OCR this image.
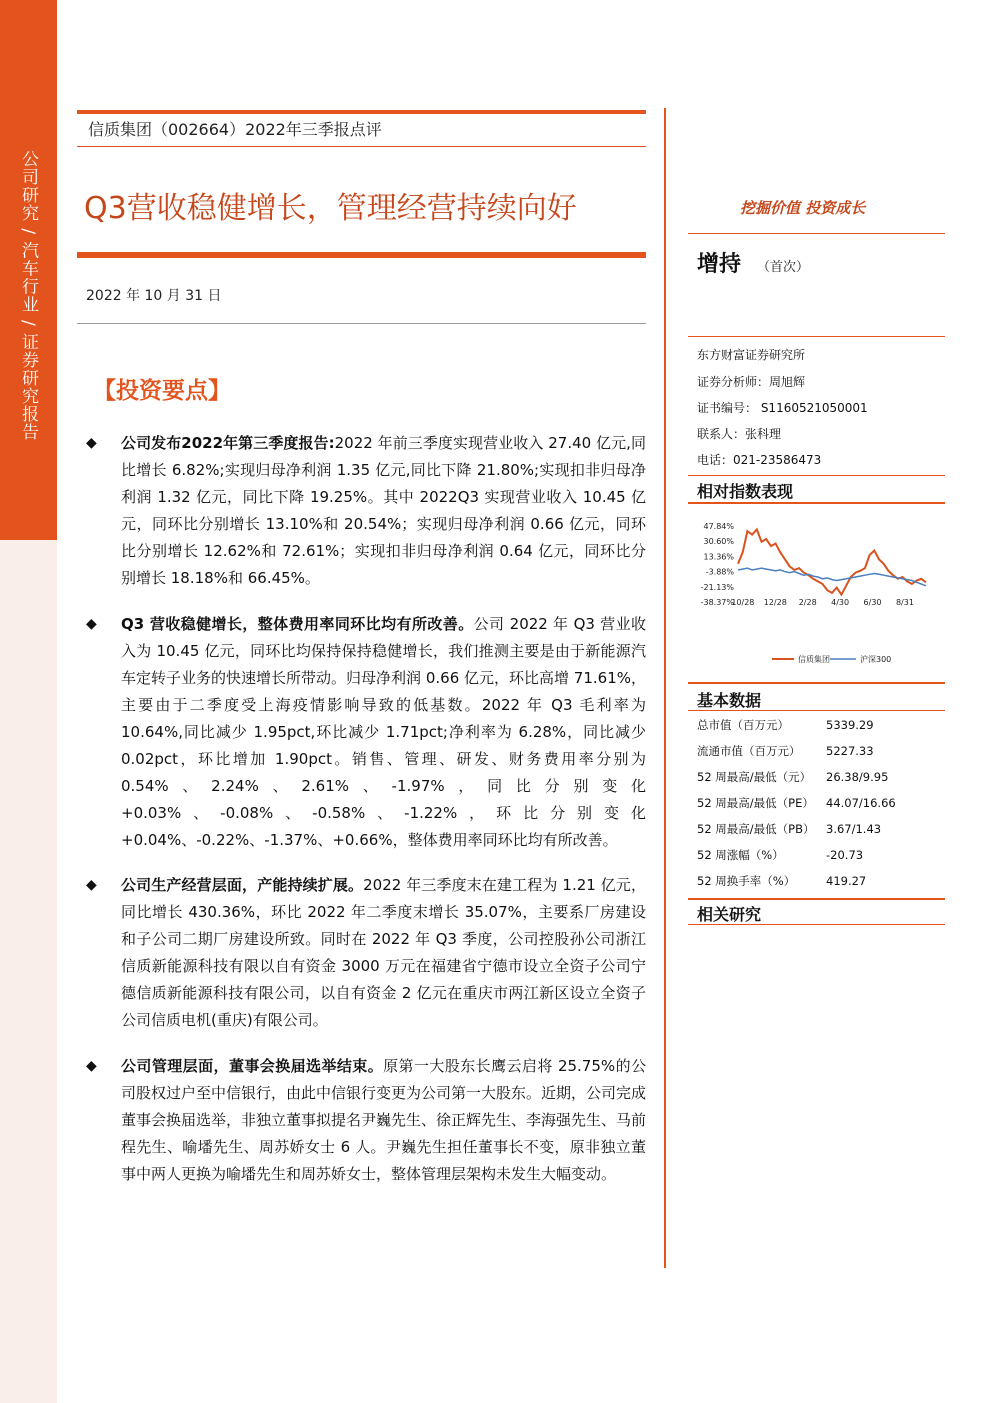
公司研究 / 汽车行业 / 证券研究报告
信质集团（002664）2022年三季报点评
Q3营收稳健增长，管理经营持续向好
2022 年 10 月 31 日
【投资要点】
◆ 公司发布2022年第三季度报告:2022 年前三季度实现营业收入 27.40 亿元,同比增长 6.82%;实现归母净利润 1.35 亿元,同比下降 21.80%;实现扣非归母净利润 1.32 亿元，同比下降 19.25%。其中 2022Q3 实现营业收入 10.45 亿元，同环比分别增长 13.10%和 20.54%；实现归母净利润 0.66 亿元，同环比分别增长 12.62%和 72.61%；实现扣非归母净利润 0.64 亿元，同环比分别增长 18.18%和 66.45%。
◆ Q3 营收稳健增长，整体费用率同环比均有所改善。公司 2022 年 Q3 营业收入为 10.45 亿元，同环比均保持保持稳健增长，我们推测主要是由于新能源汽车定转子业务的快速增长所带动。归母净利润 0.66 亿元，环比高增 71.61%，主要由于二季度受上海疫情影响导致的低基数。2022 年 Q3 毛利率为 10.64%,同比减少 1.95pct,环比减少 1.71pct;净利率为 6.28%，同比减少 0.02pct，环比增加 1.90pct。销售、管理、研发、财务费用率分别为 0.54%、2.24%、2.61%、-1.97%，同比分别变化+0.03%、-0.08%、-0.58%、-1.22%，环比分别变化+0.04%、-0.22%、-1.37%、+0.66%，整体费用率同环比均有所改善。
◆ 公司生产经营层面，产能持续扩展。2022 年三季度末在建工程为 1.21 亿元，同比增长 430.36%，环比 2022 年二季度末增长 35.07%，主要系厂房建设和子公司二期厂房建设所致。同时在 2022 年 Q3 季度，公司控股孙公司浙江信质新能源科技有限以自有资金 3000 万元在福建省宁德市设立全资子公司宁德信质新能源科技有限公司，以自有资金 2 亿元在重庆市两江新区设立全资子公司信质电机(重庆)有限公司。
◆ 公司管理层面，董事会换届选举结束。原第一大股东长鹰云启将 25.75%的公司股权过户至中信银行，由此中信银行变更为公司第一大股东。近期，公司完成董事会换届选举，非独立董事拟提名尹巍先生、徐正辉先生、李海强先生、马前程先生、喻墦先生、周苏娇女士 6 人。尹巍先生担任董事长不变，原非独立董事中两人更换为喻墦先生和周苏娇女士，整体管理层架构未发生大幅变动。
挖掘价值 投资成长
增持 （首次）
东方财富证券研究所
证券分析师：周旭辉
证书编号： S1160521050001
联系人：张科理
电话：021-23586473
相对指数表现
47.84%
30.60%
13.36%
-3.88%
-21.13%
-38.37%
10/28 12/28 2/28 4/30 6/30 8/31
信质集团	沪深300
基本数据
总市值（百万元）	5339.29
流通市值（百万元）	5227.33
52 周最高/最低（元）	26.38/9.95
52 周最高/最低（PE）	44.07/16.66
52 周最高/最低（PB）	3.67/1.43
52 周涨幅（%）	-20.73
52 周换手率（%）	419.27
相关研究
